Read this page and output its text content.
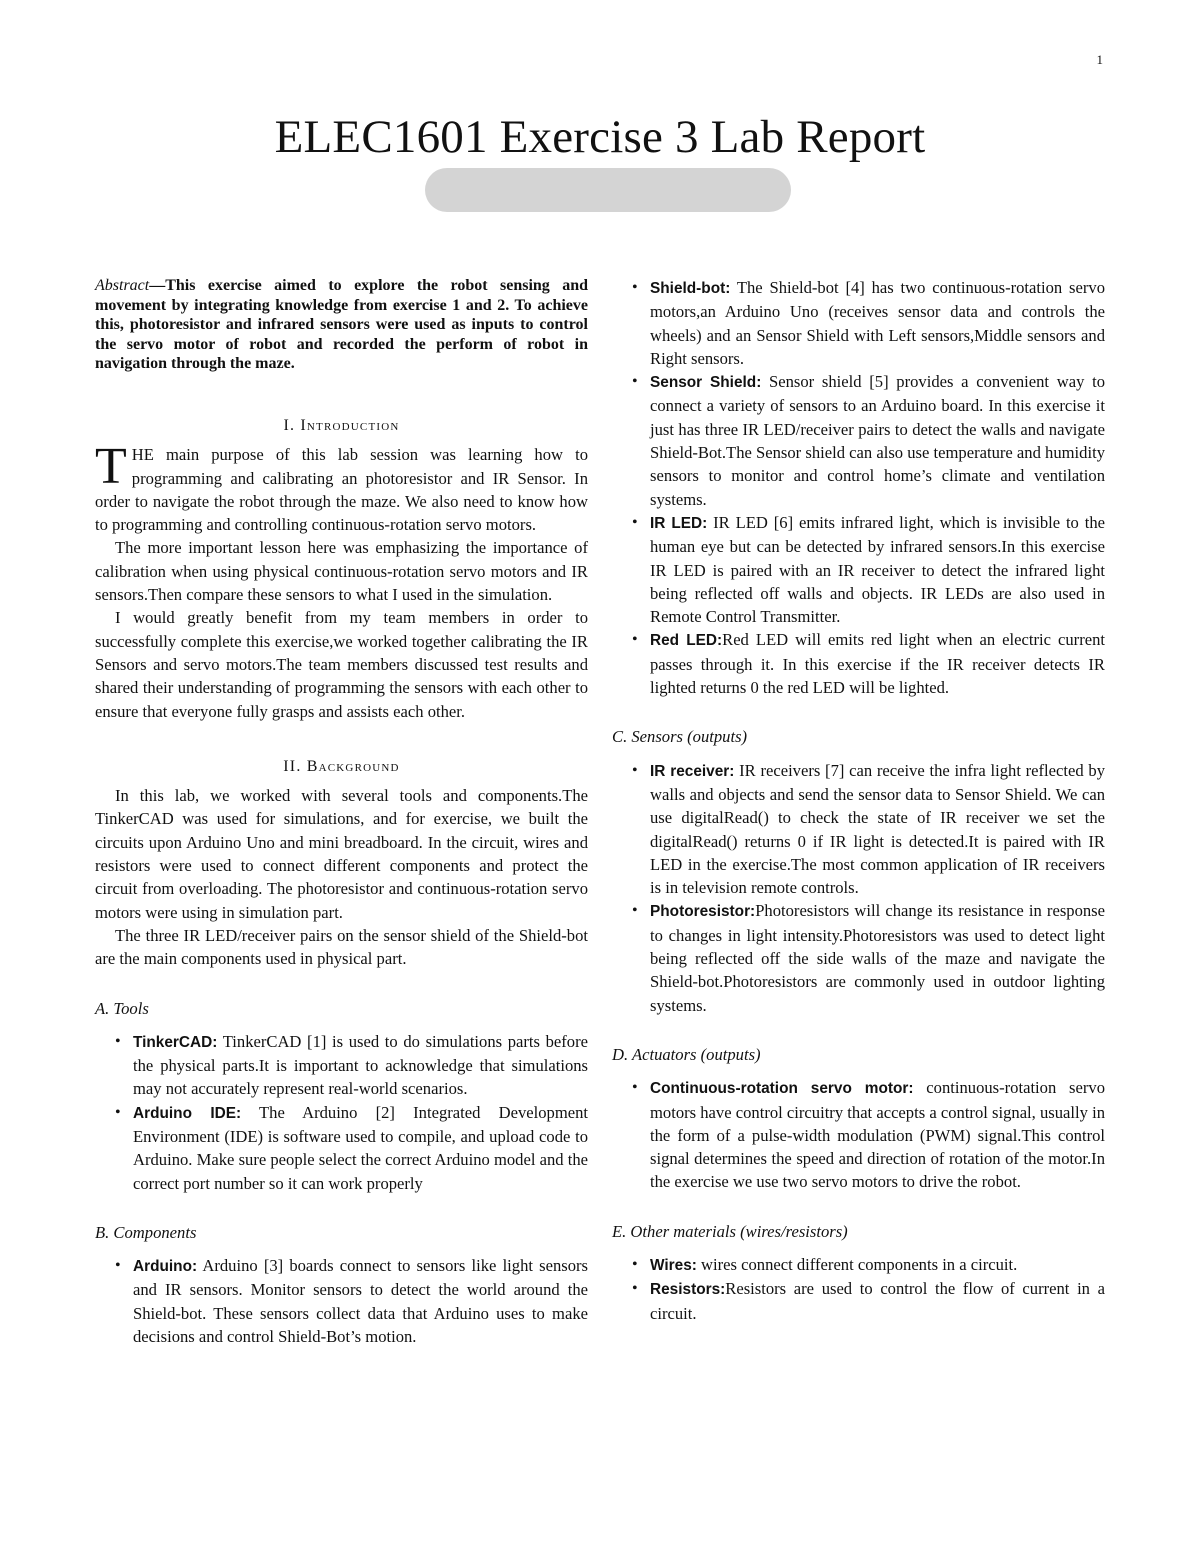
1
ELEC1601 Exercise 3 Lab Report

Abstract—This exercise aimed to explore the robot sensing and movement by integrating knowledge from exercise 1 and 2. To achieve this, photoresistor and infrared sensors were used as inputs to control the servo motor of robot and recorded the perform of robot in navigation through the maze.

I. Introduction

THE main purpose of this lab session was learning how to programming and calibrating an photoresistor and IR Sensor. In order to navigate the robot through the maze. We also need to know how to programming and controlling continuous-rotation servo motors.

The more important lesson here was emphasizing the importance of calibration when using physical continuous-rotation servo motors and IR sensors.Then compare these sensors to what I used in the simulation.

I would greatly benefit from my team members in order to successfully complete this exercise,we worked together calibrating the IR Sensors and servo motors.The team members discussed test results and shared their understanding of programming the sensors with each other to ensure that everyone fully grasps and assists each other.

II. Background

In this lab, we worked with several tools and components.The TinkerCAD was used for simulations, and for exercise, we built the circuits upon Arduino Uno and mini breadboard. In the circuit, wires and resistors were used to connect different components and protect the circuit from overloading. The photoresistor and continuous-rotation servo motors were using in simulation part.

The three IR LED/receiver pairs on the sensor shield of the Shield-bot are the main components used in physical part.

A. Tools
• TinkerCAD: TinkerCAD [1] is used to do simulations parts before the physical parts.It is important to acknowledge that simulations may not accurately represent real-world scenarios.
• Arduino IDE: The Arduino [2] Integrated Development Environment (IDE) is software used to compile, and upload code to Arduino. Make sure people select the correct Arduino model and the correct port number so it can work properly
B. Components
• Arduino: Arduino [3] boards connect to sensors like light sensors and IR sensors. Monitor sensors to detect the world around the Shield-bot. These sensors collect data that Arduino uses to make decisions and control Shield-Bot’s motion.
• Shield-bot: The Shield-bot [4] has two continuous-rotation servo motors,an Arduino Uno (receives sensor data and controls the wheels) and an Sensor Shield with Left sensors,Middle sensors and Right sensors.
• Sensor Shield: Sensor shield [5] provides a convenient way to connect a variety of sensors to an Arduino board. In this exercise it just has three IR LED/receiver pairs to detect the walls and navigate Shield-Bot.The Sensor shield can also use temperature and humidity sensors to monitor and control home’s climate and ventilation systems.
• IR LED: IR LED [6] emits infrared light, which is invisible to the human eye but can be detected by infrared sensors.In this exercise IR LED is paired with an IR receiver to detect the infrared light being reflected off walls and objects. IR LEDs are also used in Remote Control Transmitter.
• Red LED:Red LED will emits red light when an electric current passes through it. In this exercise if the IR receiver detects IR lighted returns 0 the red LED will be lighted.
C. Sensors (outputs)
• IR receiver: IR receivers [7] can receive the infra light reflected by walls and objects and send the sensor data to Sensor Shield. We can use digitalRead() to check the state of IR receiver we set the digitalRead() returns 0 if IR light is detected.It is paired with IR LED in the exercise.The most common application of IR receivers is in television remote controls.
• Photoresistor:Photoresistors will change its resistance in response to changes in light intensity.Photoresistors was used to detect light being reflected off the side walls of the maze and navigate the Shield-bot.Photoresistors are commonly used in outdoor lighting systems.
D. Actuators (outputs)
• Continuous-rotation servo motor: continuous-rotation servo motors have control circuitry that accepts a control signal, usually in the form of a pulse-width modulation (PWM) signal.This control signal determines the speed and direction of rotation of the motor.In the exercise we use two servo motors to drive the robot.
E. Other materials (wires/resistors)
• Wires: wires connect different components in a circuit.
• Resistors:Resistors are used to control the flow of current in a circuit.
